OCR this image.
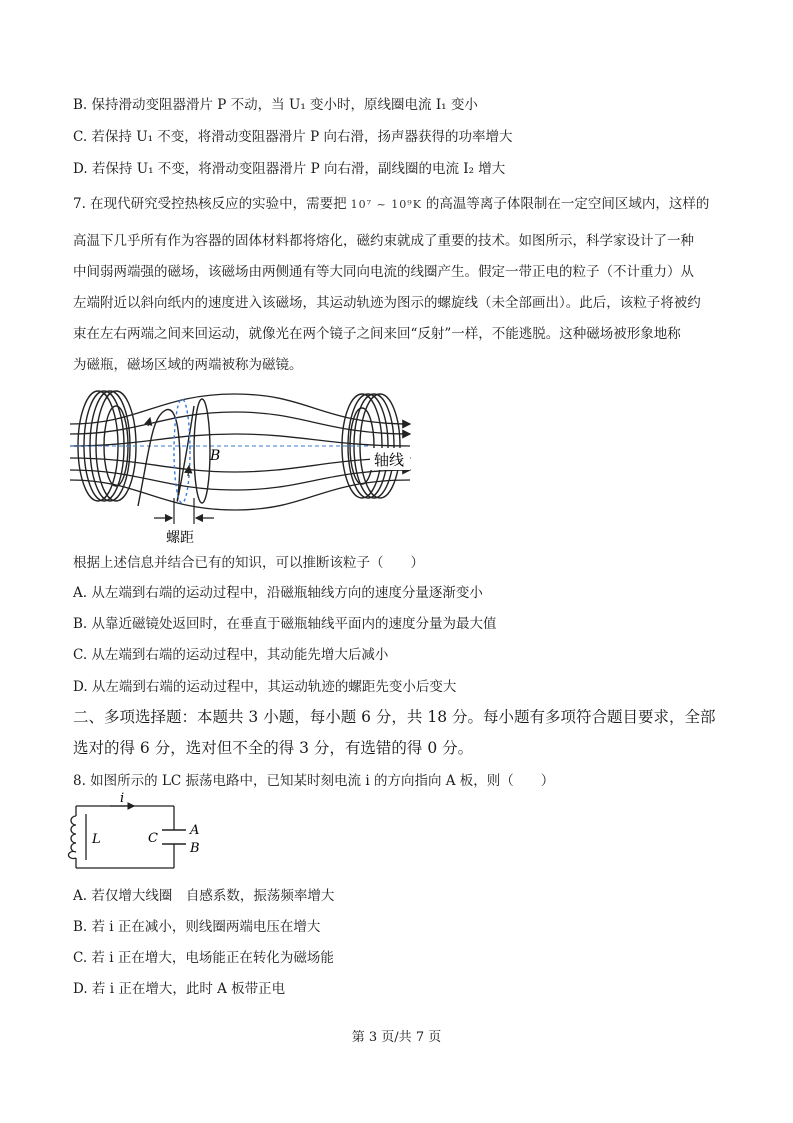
B. 保持滑动变阻器滑片 P 不动，当 U₁ 变小时，原线圈电流 I₁ 变小
C. 若保持 U₁ 不变，将滑动变阻器滑片 P 向右滑，扬声器获得的功率增大
D. 若保持 U₁ 不变，将滑动变阻器滑片 P 向右滑，副线圈的电流 I₂ 增大
7. 在现代研究受控热核反应的实验中，需要把 10⁷ ~ 10⁹K 的高温等离子体限制在一定空间区域内，这样的
高温下几乎所有作为容器的固体材料都将熔化，磁约束就成了重要的技术。如图所示，科学家设计了一种
中间弱两端强的磁场，该磁场由两侧通有等大同向电流的线圈产生。假定一带正电的粒子（不计重力）从
左端附近以斜向纸内的速度进入该磁场，其运动轨迹为图示的螺旋线（未全部画出）。此后，该粒子将被约
束在左右两端之间来回运动，就像光在两个镜子之间来回“反射”一样，不能逃脱。这种磁场被形象地称
为磁瓶，磁场区域的两端被称为磁镜。
B	轴线
螺距
根据上述信息并结合已有的知识，可以推断该粒子（　　）
A. 从左端到右端的运动过程中，沿磁瓶轴线方向的速度分量逐渐变小
B. 从靠近磁镜处返回时，在垂直于磁瓶轴线平面内的速度分量为最大值
C. 从左端到右端的运动过程中，其动能先增大后减小
D. 从左端到右端的运动过程中，其运动轨迹的螺距先变小后变大
二、多项选择题：本题共 3 小题，每小题 6 分，共 18 分。每小题有多项符合题目要求，全部
选对的得 6 分，选对但不全的得 3 分，有选错的得 0 分。
8. 如图所示的 LC 振荡电路中，已知某时刻电流 i 的方向指向 A 板，则（　　）
i
L	C
A
B
A. 若仅增大线圈　自感系数，振荡频率增大
B. 若 i 正在减小，则线圈两端电压在增大
C. 若 i 正在增大，电场能正在转化为磁场能
D. 若 i 正在增大，此时 A 板带正电
第 3 页/共 7 页
